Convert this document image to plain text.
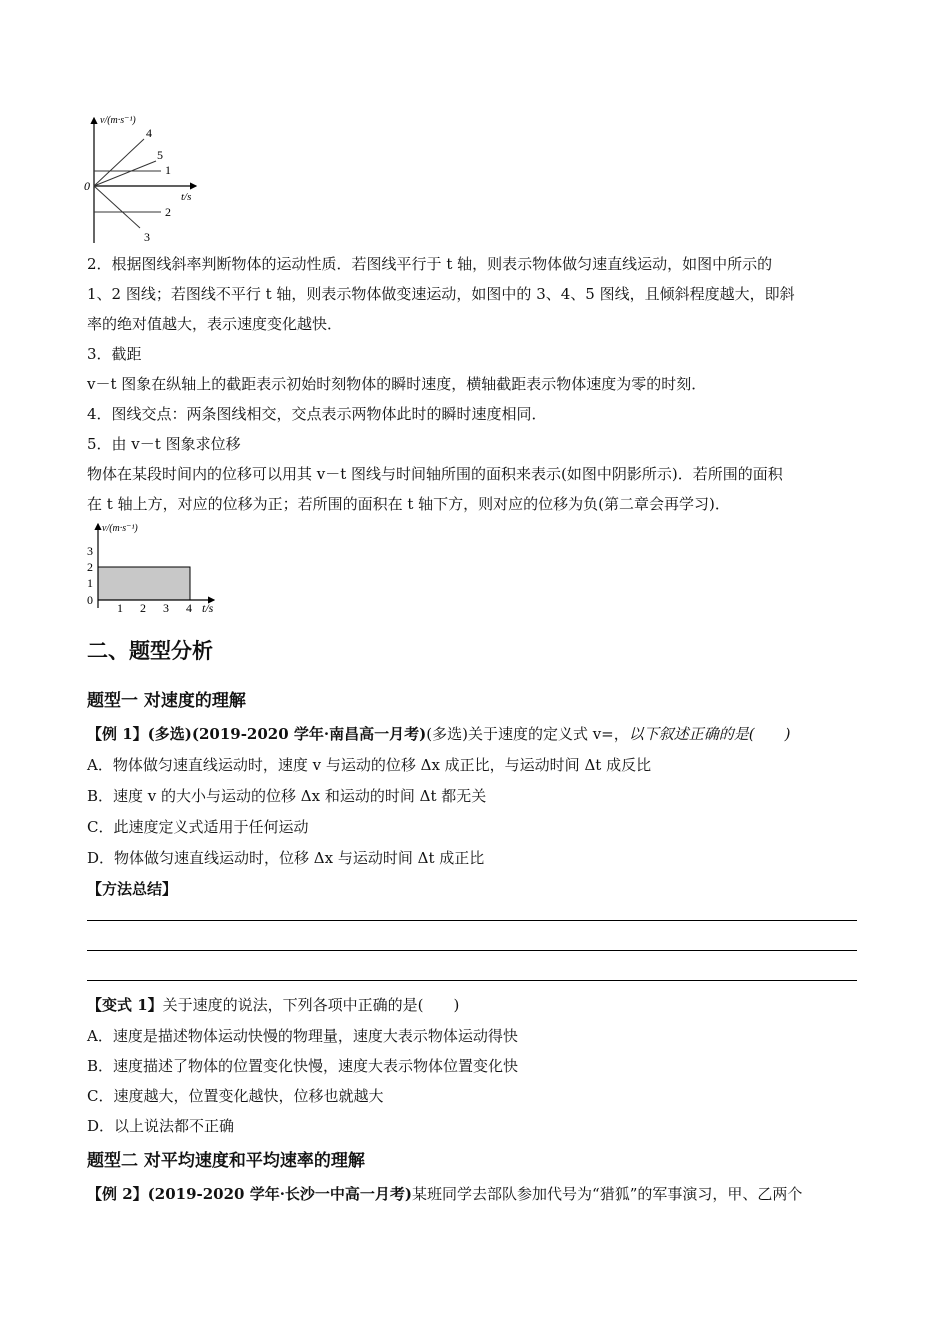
v/(m·s⁻¹)
t/s
0
4
5
1
2
3
2．根据图线斜率判断物体的运动性质．若图线平行于 t 轴，则表示物体做匀速直线运动，如图中所示的
1、2 图线；若图线不平行 t 轴，则表示物体做变速运动，如图中的 3、4、5 图线，且倾斜程度越大，即斜
率的绝对值越大，表示速度变化越快．
3．截距
v－t 图象在纵轴上的截距表示初始时刻物体的瞬时速度，横轴截距表示物体速度为零的时刻．
4．图线交点：两条图线相交，交点表示两物体此时的瞬时速度相同．
5．由 v－t 图象求位移
物体在某段时间内的位移可以用其 v－t 图线与时间轴所围的面积来表示(如图中阴影所示)．若所围的面积
在 t 轴上方，对应的位移为正；若所围的面积在 t 轴下方，则对应的位移为负(第二章会再学习)．
v/(m·s⁻¹)
t/s
3
2
1
0
1 2 3 4
二、题型分析
题型一 对速度的理解
【例 1】(多选)(2019-2020 学年·南昌高一月考)(多选)关于速度的定义式 v=，以下叙述正确的是(　　)
A．物体做匀速直线运动时，速度 v 与运动的位移 Δx 成正比，与运动时间 Δt 成反比
B．速度 v 的大小与运动的位移 Δx 和运动的时间 Δt 都无关
C．此速度定义式适用于任何运动
D．物体做匀速直线运动时，位移 Δx 与运动时间 Δt 成正比
【方法总结】
【变式 1】关于速度的说法，下列各项中正确的是(　　)
A．速度是描述物体运动快慢的物理量，速度大表示物体运动得快
B．速度描述了物体的位置变化快慢，速度大表示物体位置变化快
C．速度越大，位置变化越快，位移也就越大
D．以上说法都不正确
题型二 对平均速度和平均速率的理解
【例 2】(2019-2020 学年·长沙一中高一月考)某班同学去部队参加代号为“猎狐”的军事演习，甲、乙两个
